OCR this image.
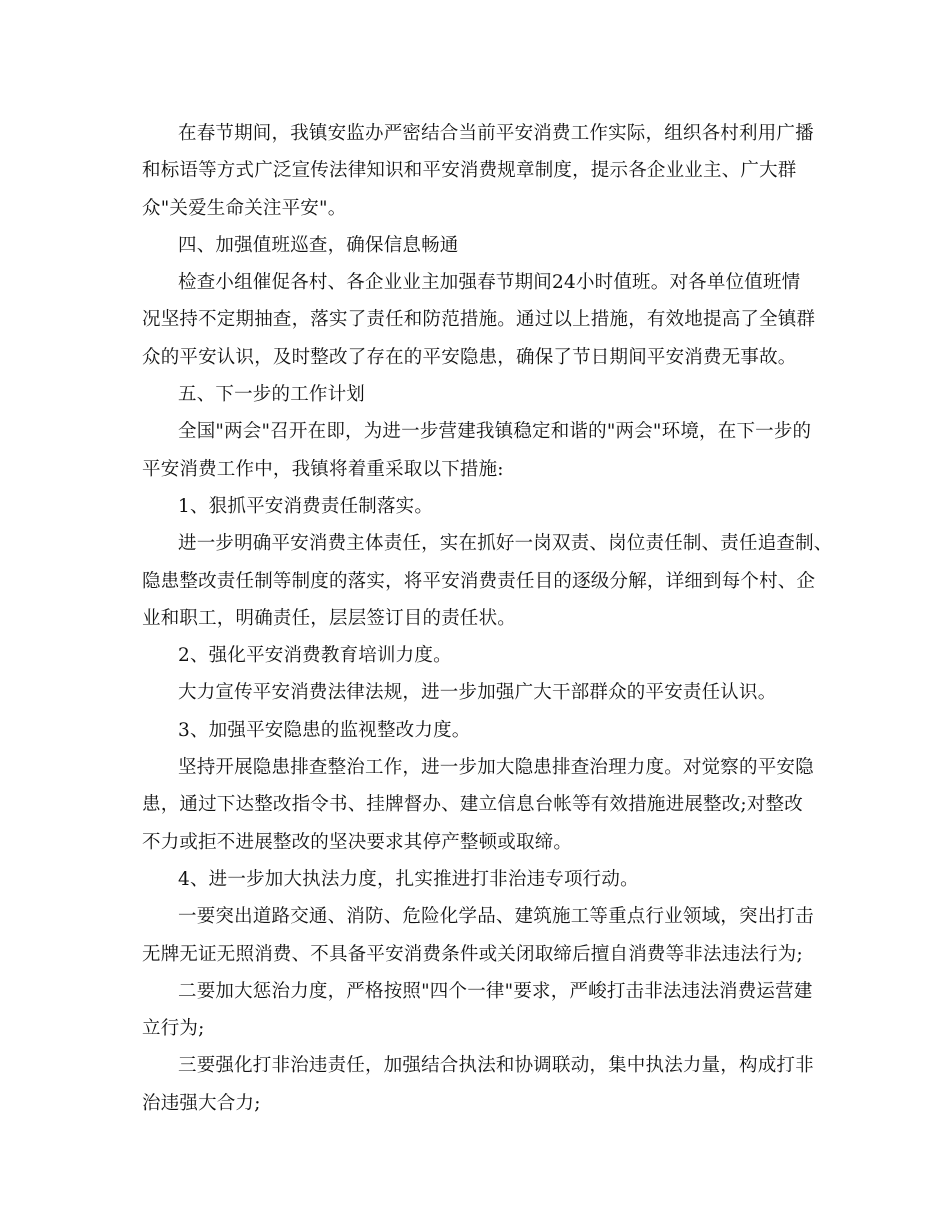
在春节期间，我镇安监办严密结合当前平安消费工作实际，组织各村利用广播
和标语等方式广泛宣传法律知识和平安消费规章制度，提示各企业业主、广大群
众"关爱生命关注平安"。
四、加强值班巡查，确保信息畅通
检查小组催促各村、各企业业主加强春节期间24小时值班。对各单位值班情
况坚持不定期抽查，落实了责任和防范措施。通过以上措施，有效地提高了全镇群
众的平安认识，及时整改了存在的平安隐患，确保了节日期间平安消费无事故。
五、下一步的工作计划
全国"两会"召开在即，为进一步营建我镇稳定和谐的"两会"环境，在下一步的
平安消费工作中，我镇将着重采取以下措施:
1、狠抓平安消费责任制落实。
进一步明确平安消费主体责任，实在抓好一岗双责、岗位责任制、责任追查制、
隐患整改责任制等制度的落实，将平安消费责任目的逐级分解，详细到每个村、企
业和职工，明确责任，层层签订目的责任状。
2、强化平安消费教育培训力度。
大力宣传平安消费法律法规，进一步加强广大干部群众的平安责任认识。
3、加强平安隐患的监视整改力度。
坚持开展隐患排查整治工作，进一步加大隐患排查治理力度。对觉察的平安隐
患，通过下达整改指令书、挂牌督办、建立信息台帐等有效措施进展整改;对整改
不力或拒不进展整改的坚决要求其停产整顿或取缔。
4、进一步加大执法力度，扎实推进打非治违专项行动。
一要突出道路交通、消防、危险化学品、建筑施工等重点行业领域，突出打击
无牌无证无照消费、不具备平安消费条件或关闭取缔后擅自消费等非法违法行为;
二要加大惩治力度，严格按照"四个一律"要求，严峻打击非法违法消费运营建
立行为;
三要强化打非治违责任，加强结合执法和协调联动，集中执法力量，构成打非
治违强大合力;
